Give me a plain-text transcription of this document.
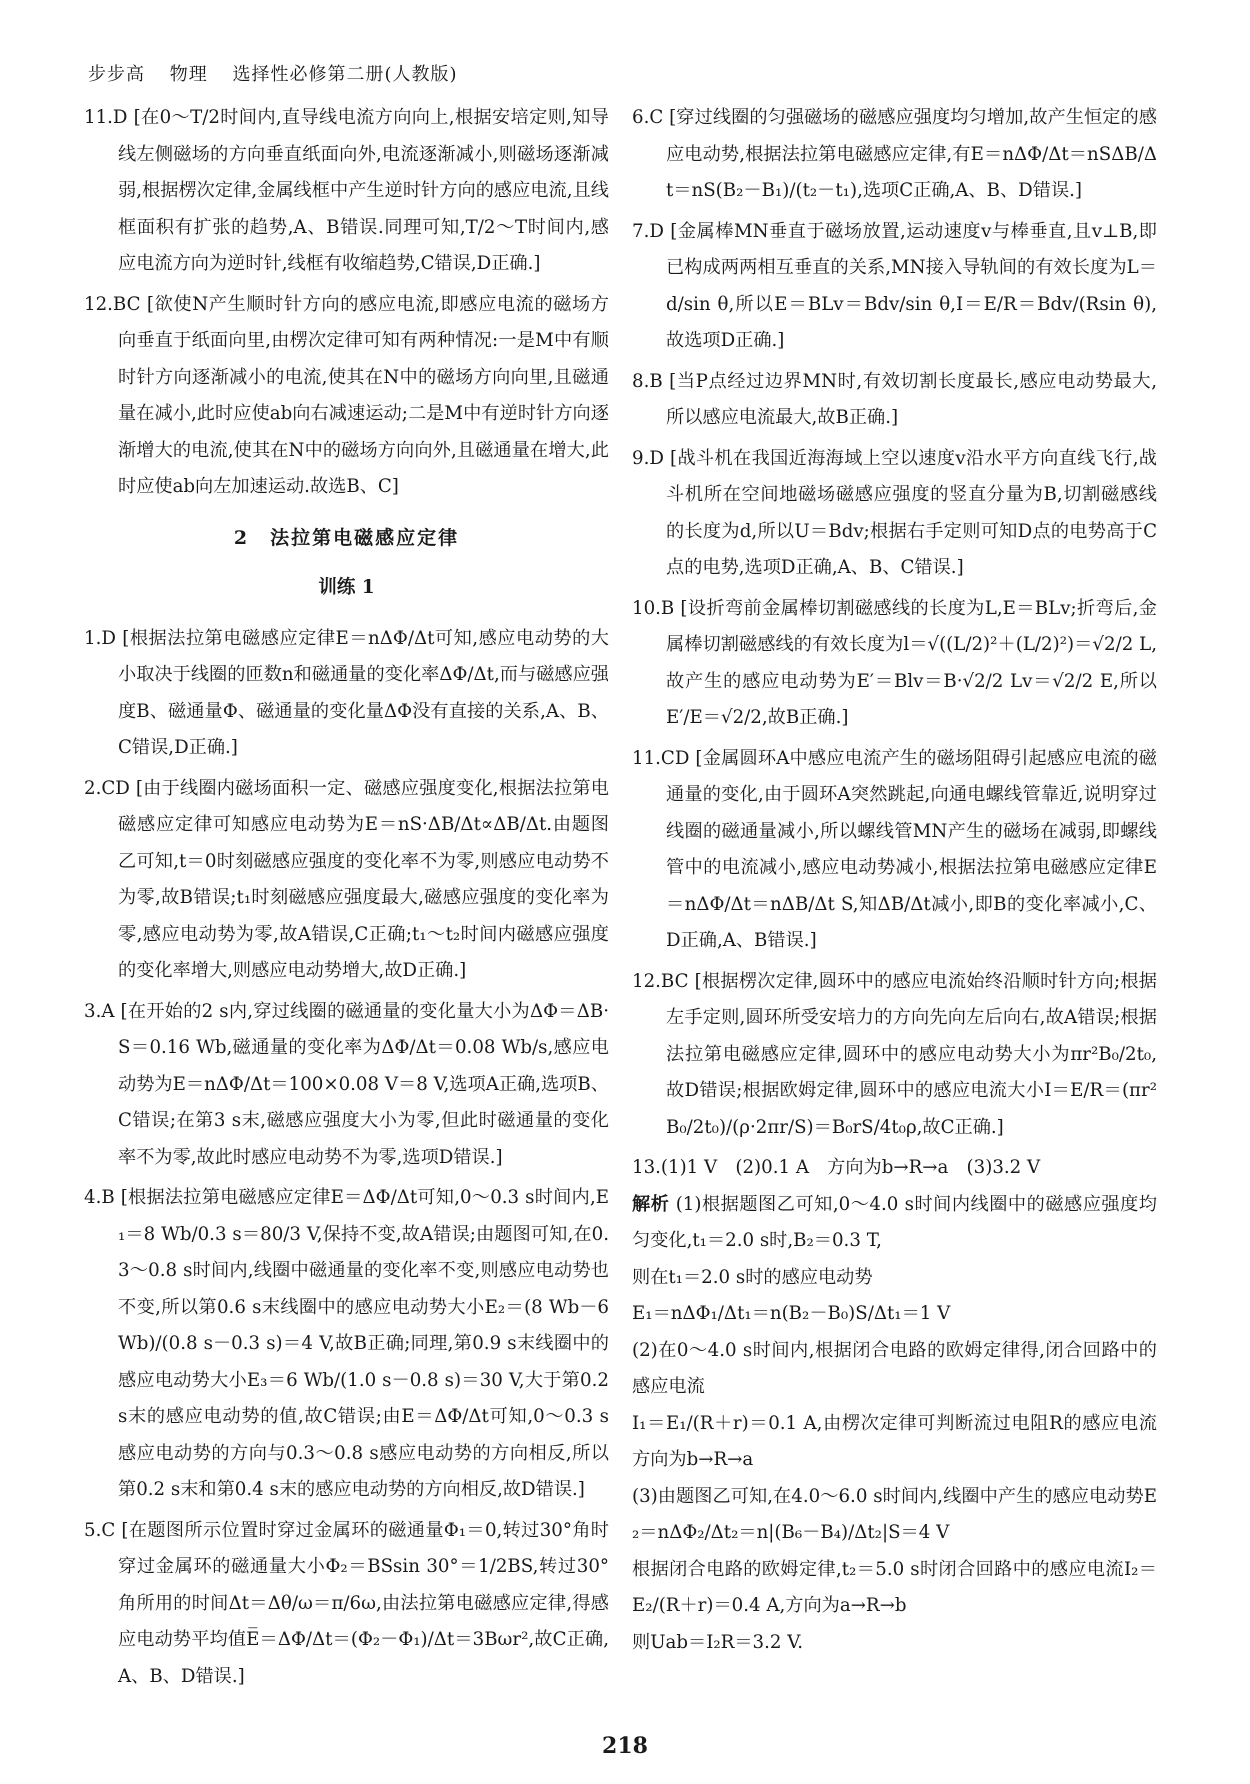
步步高 物理 选择性必修第二册(人教版)

11.D [在0～T/2时间内,直导线电流方向向上,根据安培定则,知导线左侧磁场的方向垂直纸面向外,电流逐渐减小,则磁场逐渐减弱,根据楞次定律,金属线框中产生逆时针方向的感应电流,且线框面积有扩张的趋势,A、B错误.同理可知,T/2～T时间内,感应电流方向为逆时针,线框有收缩趋势,C错误,D正确.]

12.BC [欲使N产生顺时针方向的感应电流,即感应电流的磁场方向垂直于纸面向里,由楞次定律可知有两种情况:一是M中有顺时针方向逐渐减小的电流,使其在N中的磁场方向向里,且磁通量在减小,此时应使ab向右减速运动;二是M中有逆时针方向逐渐增大的电流,使其在N中的磁场方向向外,且磁通量在增大,此时应使ab向左加速运动.故选B、C]

2　法拉第电磁感应定律
训练 1

1.D [根据法拉第电磁感应定律E＝nΔΦ/Δt可知,感应电动势的大小取决于线圈的匝数n和磁通量的变化率ΔΦ/Δt,而与磁感应强度B、磁通量Φ、磁通量的变化量ΔΦ没有直接的关系,A、B、C错误,D正确.]

2.CD [由于线圈内磁场面积一定、磁感应强度变化,根据法拉第电磁感应定律可知感应电动势为E＝nS·ΔB/Δt∝ΔB/Δt.由题图乙可知,t＝0时刻磁感应强度的变化率不为零,则感应电动势不为零,故B错误;t₁时刻磁感应强度最大,磁感应强度的变化率为零,感应电动势为零,故A错误,C正确;t₁～t₂时间内磁感应强度的变化率增大,则感应电动势增大,故D正确.]

3.A [在开始的2 s内,穿过线圈的磁通量的变化量大小为ΔΦ＝ΔB·S＝0.16 Wb,磁通量的变化率为ΔΦ/Δt＝0.08 Wb/s,感应电动势为E＝nΔΦ/Δt＝100×0.08 V＝8 V,选项A正确,选项B、C错误;在第3 s末,磁感应强度大小为零,但此时磁通量的变化率不为零,故此时感应电动势不为零,选项D错误.]

4.B [根据法拉第电磁感应定律E＝ΔΦ/Δt可知,0～0.3 s时间内,E₁＝8 Wb/0.3 s＝80/3 V,保持不变,故A错误;由题图可知,在0.3～0.8 s时间内,线圈中磁通量的变化率不变,则感应电动势也不变,所以第0.6 s末线圈中的感应电动势大小E₂＝(8 Wb－6 Wb)/(0.8 s－0.3 s)＝4 V,故B正确;同理,第0.9 s末线圈中的感应电动势大小E₃＝6 Wb/(1.0 s－0.8 s)＝30 V,大于第0.2 s末的感应电动势的值,故C错误;由E＝ΔΦ/Δt可知,0～0.3 s感应电动势的方向与0.3～0.8 s感应电动势的方向相反,所以第0.2 s末和第0.4 s末的感应电动势的方向相反,故D错误.]

5.C [在题图所示位置时穿过金属环的磁通量Φ₁＝0,转过30°角时穿过金属环的磁通量大小Φ₂＝BSsin 30°＝1/2BS,转过30°角所用的时间Δt＝Δθ/ω＝π/6ω,由法拉第电磁感应定律,得感应电动势平均值E̅＝ΔΦ/Δt＝(Φ₂－Φ₁)/Δt＝3Bωr²,故C正确,A、B、D错误.]

6.C [穿过线圈的匀强磁场的磁感应强度均匀增加,故产生恒定的感应电动势,根据法拉第电磁感应定律,有E＝nΔΦ/Δt＝nSΔB/Δt＝nS(B₂－B₁)/(t₂－t₁),选项C正确,A、B、D错误.]

7.D [金属棒MN垂直于磁场放置,运动速度v与棒垂直,且v⊥B,即已构成两两相互垂直的关系,MN接入导轨间的有效长度为L＝d/sin θ,所以E＝BLv＝Bdv/sin θ,I＝E/R＝Bdv/(Rsin θ),故选项D正确.]

8.B [当P点经过边界MN时,有效切割长度最长,感应电动势最大,所以感应电流最大,故B正确.]

9.D [战斗机在我国近海海域上空以速度v沿水平方向直线飞行,战斗机所在空间地磁场磁感应强度的竖直分量为B,切割磁感线的长度为d,所以U＝Bdv;根据右手定则可知D点的电势高于C点的电势,选项D正确,A、B、C错误.]

10.B [设折弯前金属棒切割磁感线的长度为L,E＝BLv;折弯后,金属棒切割磁感线的有效长度为l＝√((L/2)²＋(L/2)²)＝√2/2 L,故产生的感应电动势为E′＝Blv＝B·√2/2 Lv＝√2/2 E,所以E′/E＝√2/2,故B正确.]

11.CD [金属圆环A中感应电流产生的磁场阻碍引起感应电流的磁通量的变化,由于圆环A突然跳起,向通电螺线管靠近,说明穿过线圈的磁通量减小,所以螺线管MN产生的磁场在减弱,即螺线管中的电流减小,感应电动势减小,根据法拉第电磁感应定律E＝nΔΦ/Δt＝nΔB/Δt S,知ΔB/Δt减小,即B的变化率减小,C、D正确,A、B错误.]

12.BC [根据楞次定律,圆环中的感应电流始终沿顺时针方向;根据左手定则,圆环所受安培力的方向先向左后向右,故A错误;根据法拉第电磁感应定律,圆环中的感应电动势大小为πr²B₀/2t₀,故D错误;根据欧姆定律,圆环中的感应电流大小I＝E/R＝(πr²B₀/2t₀)/(ρ·2πr/S)＝B₀rS/4t₀ρ,故C正确.]

13.(1)1 V　(2)0.1 A　方向为b→R→a　(3)3.2 V

解析 (1)根据题图乙可知,0～4.0 s时间内线圈中的磁感应强度均匀变化,t₁＝2.0 s时,B₂＝0.3 T,

则在t₁＝2.0 s时的感应电动势

E₁＝nΔΦ₁/Δt₁＝n(B₂－B₀)S/Δt₁＝1 V

(2)在0～4.0 s时间内,根据闭合电路的欧姆定律得,闭合回路中的感应电流

I₁＝E₁/(R＋r)＝0.1 A,由楞次定律可判断流过电阻R的感应电流方向为b→R→a

(3)由题图乙可知,在4.0～6.0 s时间内,线圈中产生的感应电动势E₂＝nΔΦ₂/Δt₂＝n|(B₆－B₄)/Δt₂|S＝4 V

根据闭合电路的欧姆定律,t₂＝5.0 s时闭合回路中的感应电流I₂＝E₂/(R＋r)＝0.4 A,方向为a→R→b

则Uab＝I₂R＝3.2 V.

218
